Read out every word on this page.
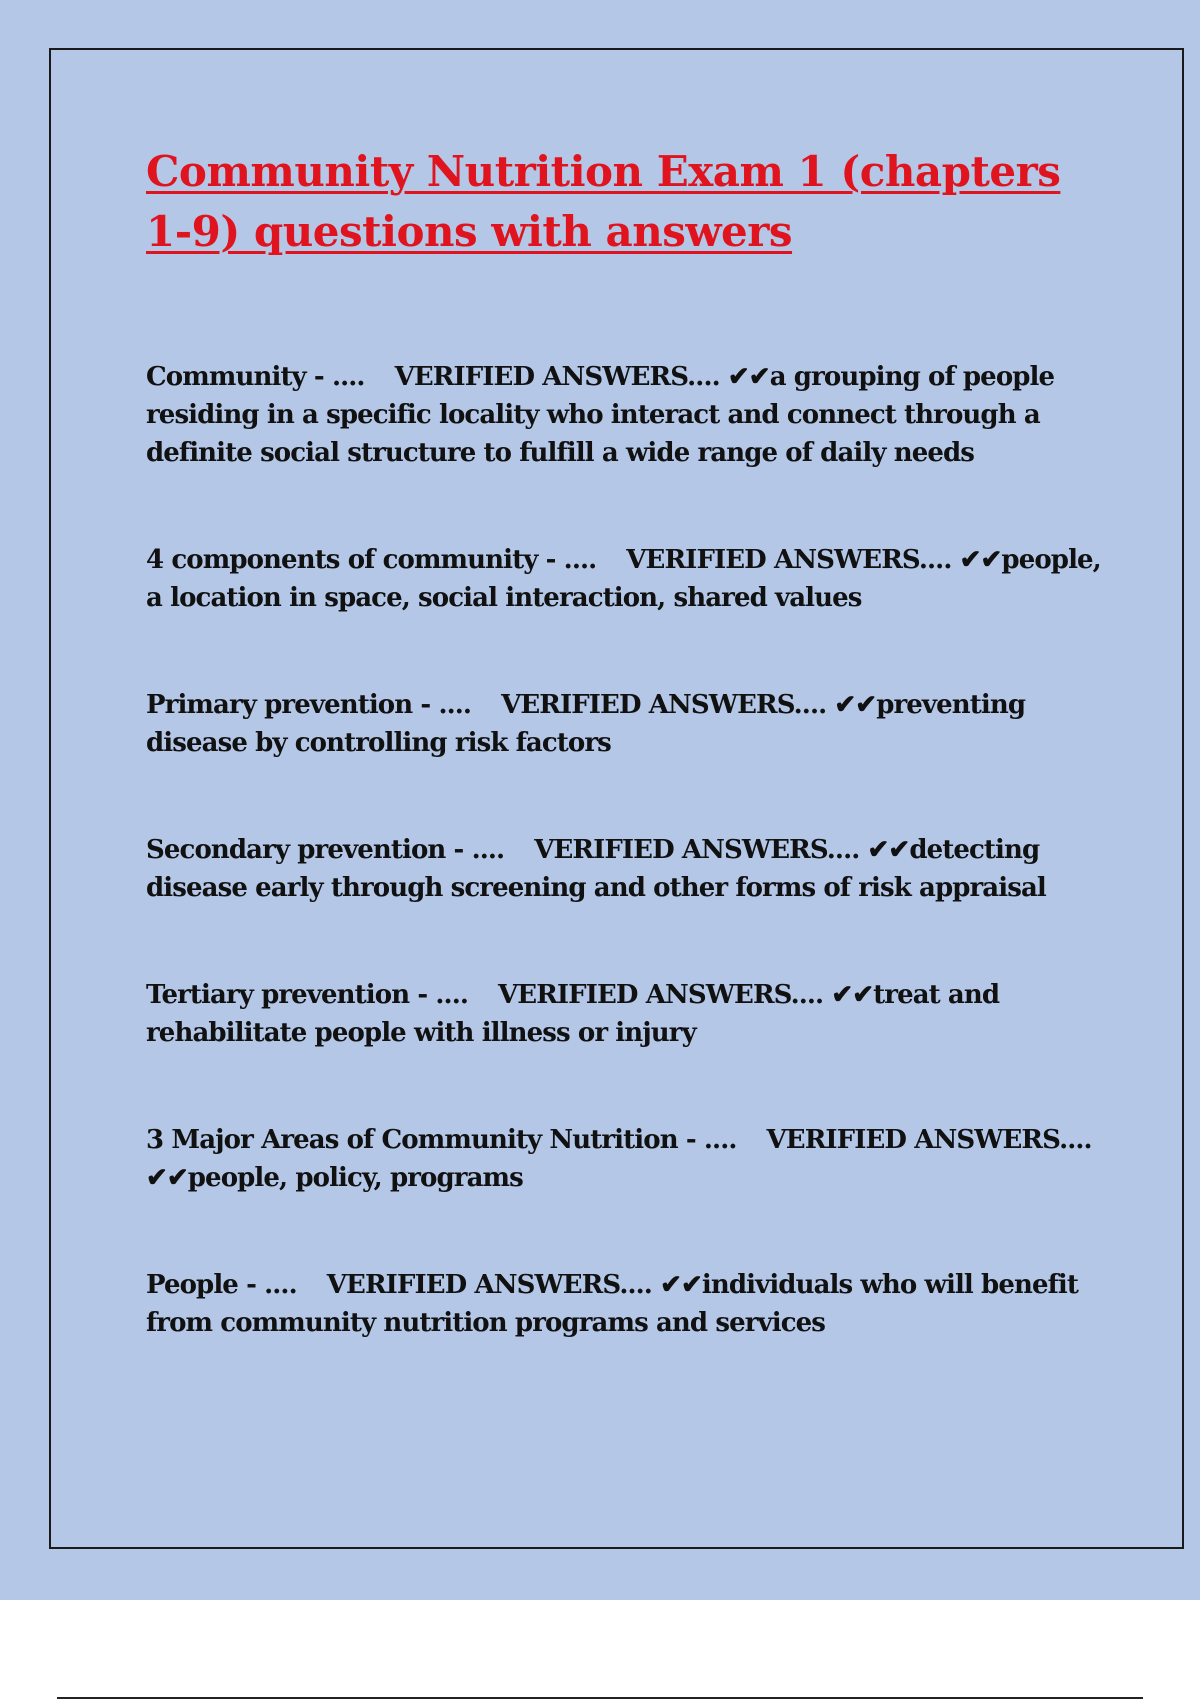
Community Nutrition Exam 1 (chapters 1-9) questions with answers

Community - .... VERIFIED ANSWERS.... ✔✔a grouping of people residing in a specific locality who interact and connect through a definite social structure to fulfill a wide range of daily needs

4 components of community - .... VERIFIED ANSWERS.... ✔✔people, a location in space, social interaction, shared values

Primary prevention - .... VERIFIED ANSWERS.... ✔✔preventing disease by controlling risk factors

Secondary prevention - .... VERIFIED ANSWERS.... ✔✔detecting disease early through screening and other forms of risk appraisal

Tertiary prevention - .... VERIFIED ANSWERS.... ✔✔treat and rehabilitate people with illness or injury

3 Major Areas of Community Nutrition - .... VERIFIED ANSWERS.... ✔✔people, policy, programs

People - .... VERIFIED ANSWERS.... ✔✔individuals who will benefit from community nutrition programs and services
